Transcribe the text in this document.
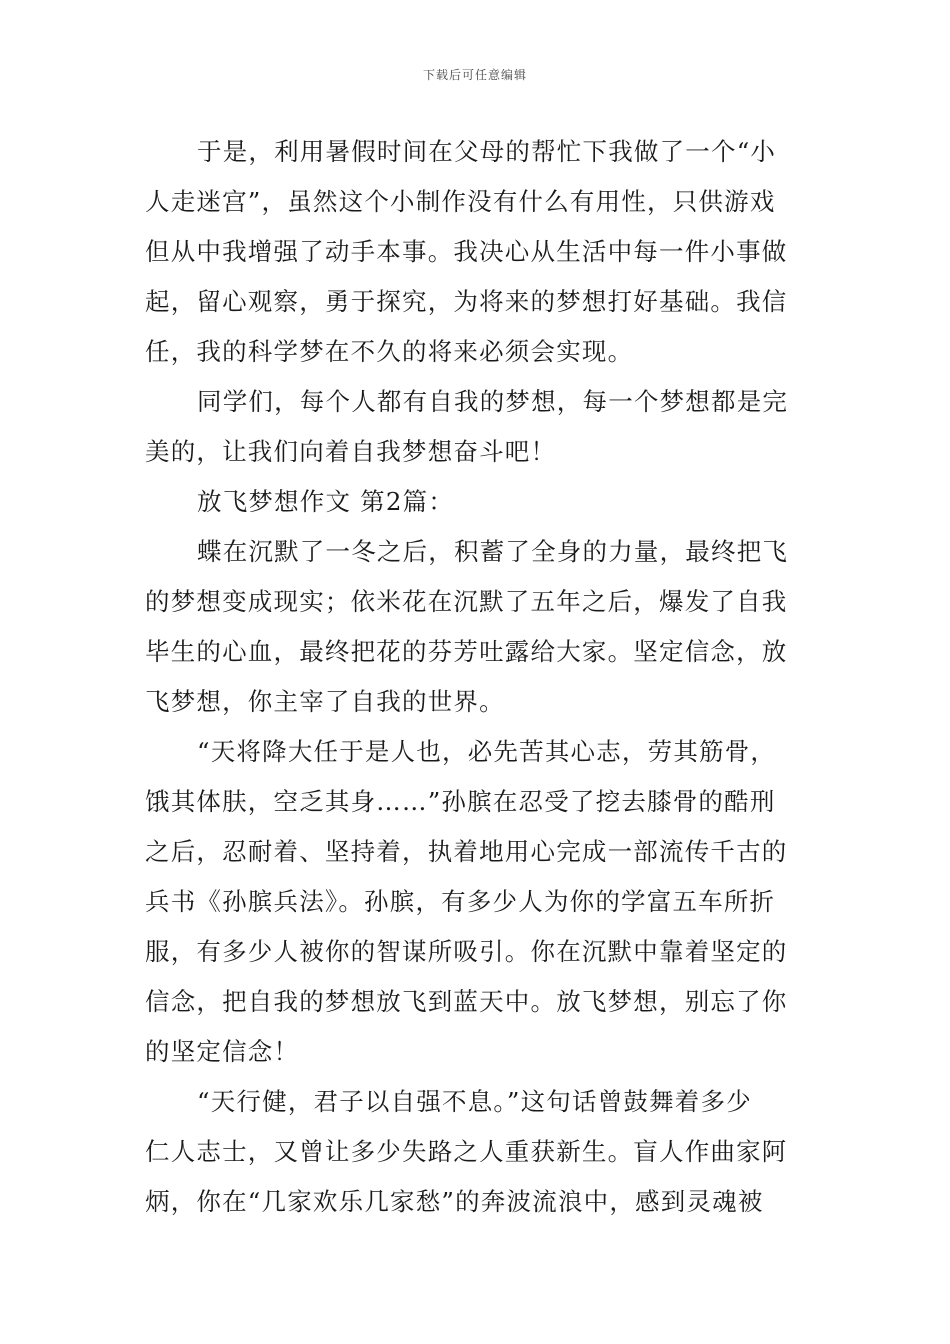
下载后可任意编辑
于是，利用暑假时间在父母的帮忙下我做了一个“小
人走迷宫”，虽然这个小制作没有什么有用性，只供游戏
但从中我增强了动手本事。我决心从生活中每一件小事做
起，留心观察，勇于探究，为将来的梦想打好基础。我信
任，我的科学梦在不久的将来必须会实现。
同学们，每个人都有自我的梦想，每一个梦想都是完
美的，让我们向着自我梦想奋斗吧！
放飞梦想作文 第2篇：
蝶在沉默了一冬之后，积蓄了全身的力量，最终把飞
的梦想变成现实；依米花在沉默了五年之后，爆发了自我
毕生的心血，最终把花的芬芳吐露给大家。坚定信念，放
飞梦想，你主宰了自我的世界。
“天将降大任于是人也，必先苦其心志，劳其筋骨，
饿其体肤，空乏其身……”孙膑在忍受了挖去膝骨的酷刑
之后，忍耐着、坚持着，执着地用心完成一部流传千古的
兵书《孙膑兵法》。孙膑，有多少人为你的学富五车所折
服，有多少人被你的智谋所吸引。你在沉默中靠着坚定的
信念，把自我的梦想放飞到蓝天中。放飞梦想，别忘了你
的坚定信念！
“天行健，君子以自强不息。”这句话曾鼓舞着多少
仁人志士，又曾让多少失路之人重获新生。盲人作曲家阿
炳，你在“几家欢乐几家愁”的奔波流浪中，感到灵魂被
